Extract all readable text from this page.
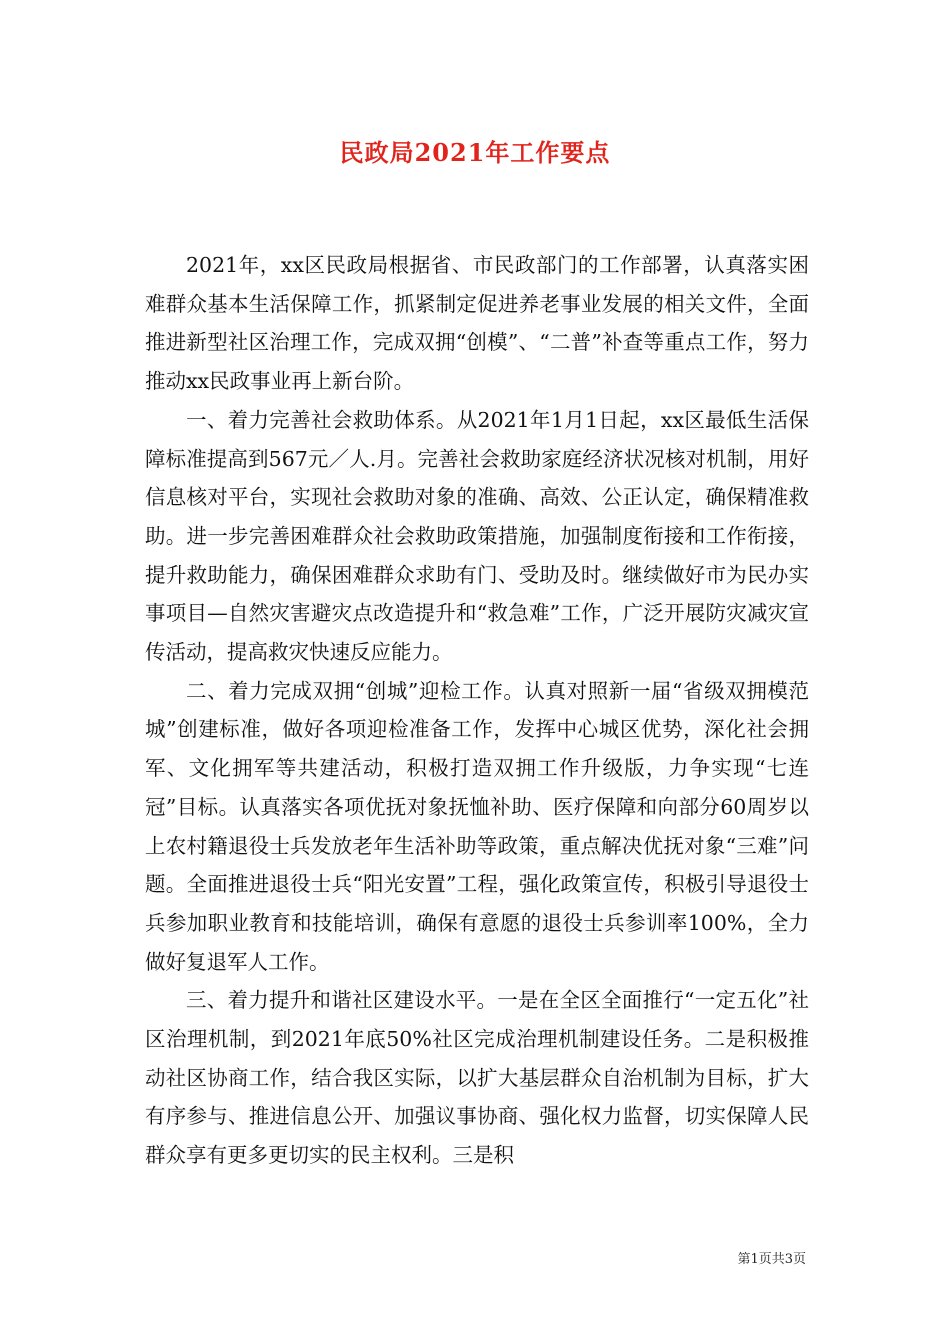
民政局2021年工作要点

2021年，xx区民政局根据省、市民政部门的工作部署，认真落实困难群众基本生活保障工作，抓紧制定促进养老事业发展的相关文件，全面推进新型社区治理工作，完成双拥“创模”、“二普”补查等重点工作，努力推动xx民政事业再上新台阶。

一、着力完善社会救助体系。从2021年1月1日起，xx区最低生活保障标准提高到567元／人.月。完善社会救助家庭经济状况核对机制，用好信息核对平台，实现社会救助对象的准确、高效、公正认定，确保精准救助。进一步完善困难群众社会救助政策措施，加强制度衔接和工作衔接，提升救助能力，确保困难群众求助有门、受助及时。继续做好市为民办实事项目—自然灾害避灾点改造提升和“救急难”工作，广泛开展防灾减灾宣传活动，提高救灾快速反应能力。

二、着力完成双拥“创城”迎检工作。认真对照新一届“省级双拥模范城”创建标准，做好各项迎检准备工作，发挥中心城区优势，深化社会拥军、文化拥军等共建活动，积极打造双拥工作升级版，力争实现“七连冠”目标。认真落实各项优抚对象抚恤补助、医疗保障和向部分60周岁以上农村籍退役士兵发放老年生活补助等政策，重点解决优抚对象“三难”问题。全面推进退役士兵“阳光安置”工程，强化政策宣传，积极引导退役士兵参加职业教育和技能培训，确保有意愿的退役士兵参训率100%，全力做好复退军人工作。

三、着力提升和谐社区建设水平。一是在全区全面推行“一定五化”社区治理机制，到2021年底50%社区完成治理机制建设任务。二是积极推动社区协商工作，结合我区实际，以扩大基层群众自治机制为目标，扩大有序参与、推进信息公开、加强议事协商、强化权力监督，切实保障人民群众享有更多更切实的民主权利。三是积

第1页共3页
